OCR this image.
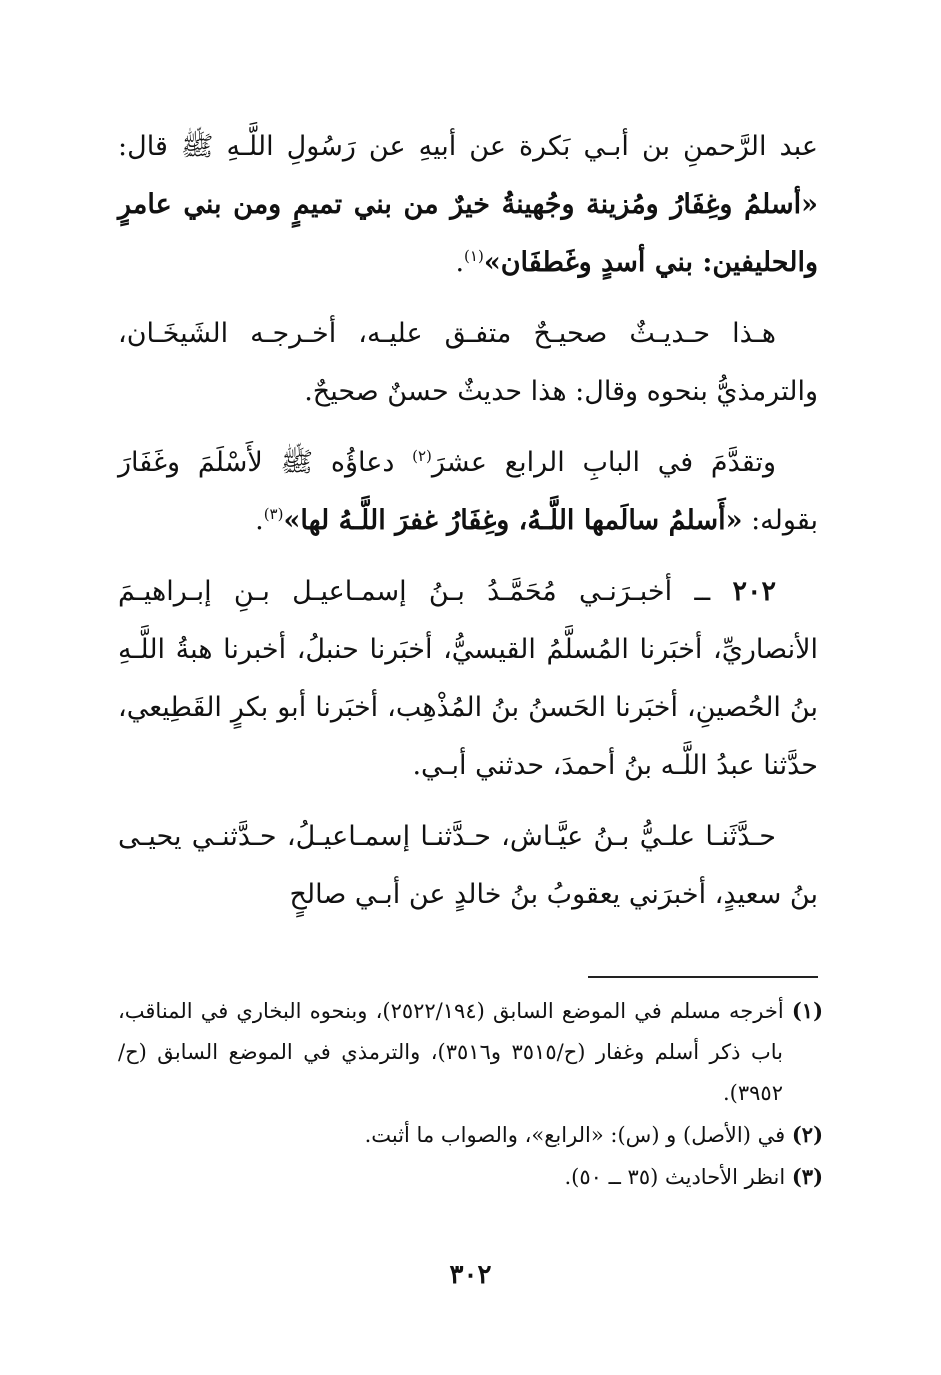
عبد الرَّحمنِ بن أبـي بَكرة عن أبيهِ عن رَسُولِ اللَّـهِ ﷺ قال: «أسلمُ وغِفَارُ ومُزينة وجُهينةُ خيرٌ من بني تميمٍ ومن بني عامرٍ والحليفين: بني أسدٍ وغَطفَان»$^{(١)}$.

هـذا حـديـثٌ صحيـحٌ متفـق عليـه، أخـرجـه الشَيخَـان، والترمذيُّ بنحوه وقال: هذا حديثٌ حسنٌ صحيحٌ.

وتقدَّمَ في البابِ الرابع عشرَ$^{(٢)}$ دعاؤُه ﷺ لأَسْلَمَ وغَفَارَ بقوله: «أَسلمُ سالَمها اللَّـهُ، وغِفَارُ غفرَ اللَّـهُ لها»$^{(٣)}$.

٢٠٢ ــ أخبـرَنـي مُحَمَّـدُ بـنُ إسمـاعيـل بـنِ إبـراهيـمَ الأنصاريِّ، أخبَرنا المُسلَّمُ القيسيُّ، أخبَرنا حنبلُ، أخبرنا هبةُ اللَّـهِ بنُ الحُصينِ، أخبَرنا الحَسنُ بنُ المُذْهِب، أخبَرنا أبو بكرٍ القَطِيعي، حدَّثنا عبدُ اللَّـه بنُ أحمدَ، حدثني أبـي.

حـدَّثَنـا علـيُّ بـنُ عيَّـاش، حـدَّثنـا إسمـاعيـلُ، حـدَّثنـي يحيـى بنُ سعيدٍ، أخبرَني يعقوبُ بنُ خالدٍ عن أبـي صالحٍ

(١) أخرجه مسلم في الموضع السابق (٢٥٢٢/١٩٤)، وبنحوه البخاري في المناقب، باب ذكر أسلم وغفار (ح/٣٥١٥ و٣٥١٦)، والترمذي في الموضع السابق (ح/٣٩٥٢).

(٢) في (الأصل) و (س): «الرابع»، والصواب ما أثبت.

(٣) انظر الأحاديث (٣٥ ــ ٥٠).

٣٠٢
